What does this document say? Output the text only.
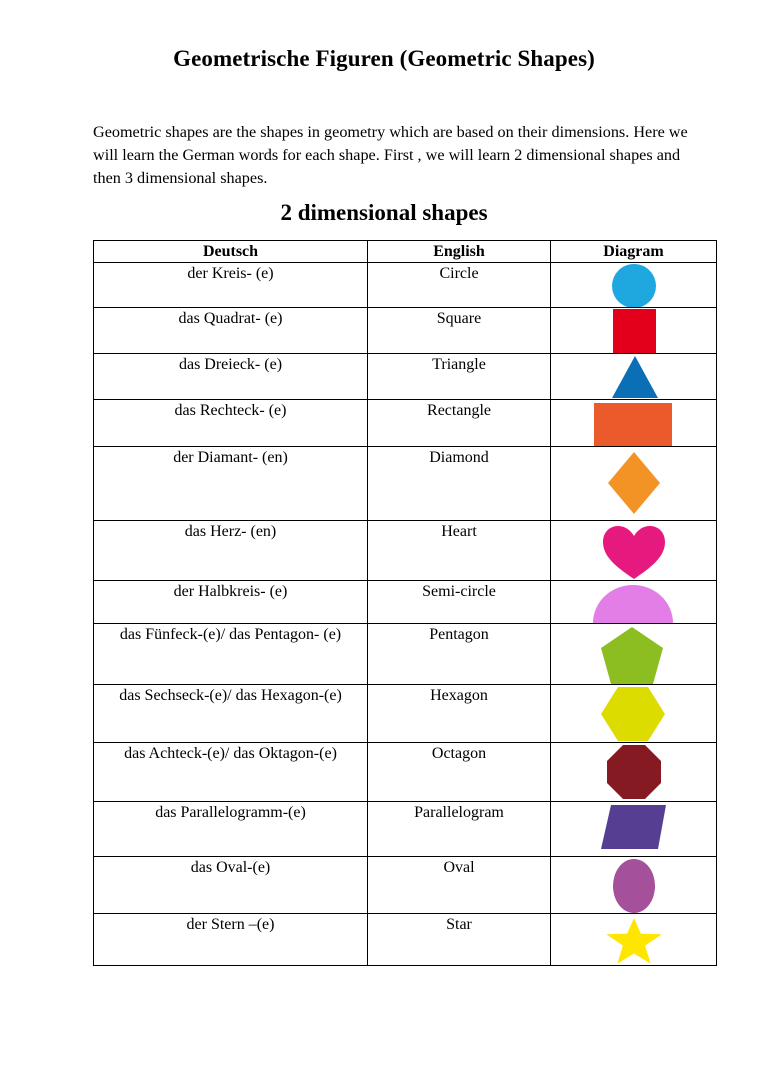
Geometrische Figuren (Geometric Shapes)
Geometric shapes are the shapes in geometry which are based on their dimensions. Here we will learn the German words for each shape. First , we will learn 2 dimensional shapes and then 3 dimensional shapes.
2 dimensional shapes
Deutsch	English	Diagram
der Kreis- (e)	Circle	

das Quadrat- (e)	Square	

das Dreieck- (e)	Triangle	

das Rechteck- (e)	Rectangle	

der Diamant- (en)	Diamond	

das Herz- (en)	Heart	

der Halbkreis- (e)	Semi-circle	

das Fünfeck-(e)/ das Pentagon- (e)	Pentagon	

das Sechseck-(e)/ das Hexagon-(e)	Hexagon	

das Achteck-(e)/ das Oktagon-(e)	Octagon	

das Parallelogramm-(e)	Parallelogram	

das Oval-(e)	Oval	

der Stern –(e)	Star	
